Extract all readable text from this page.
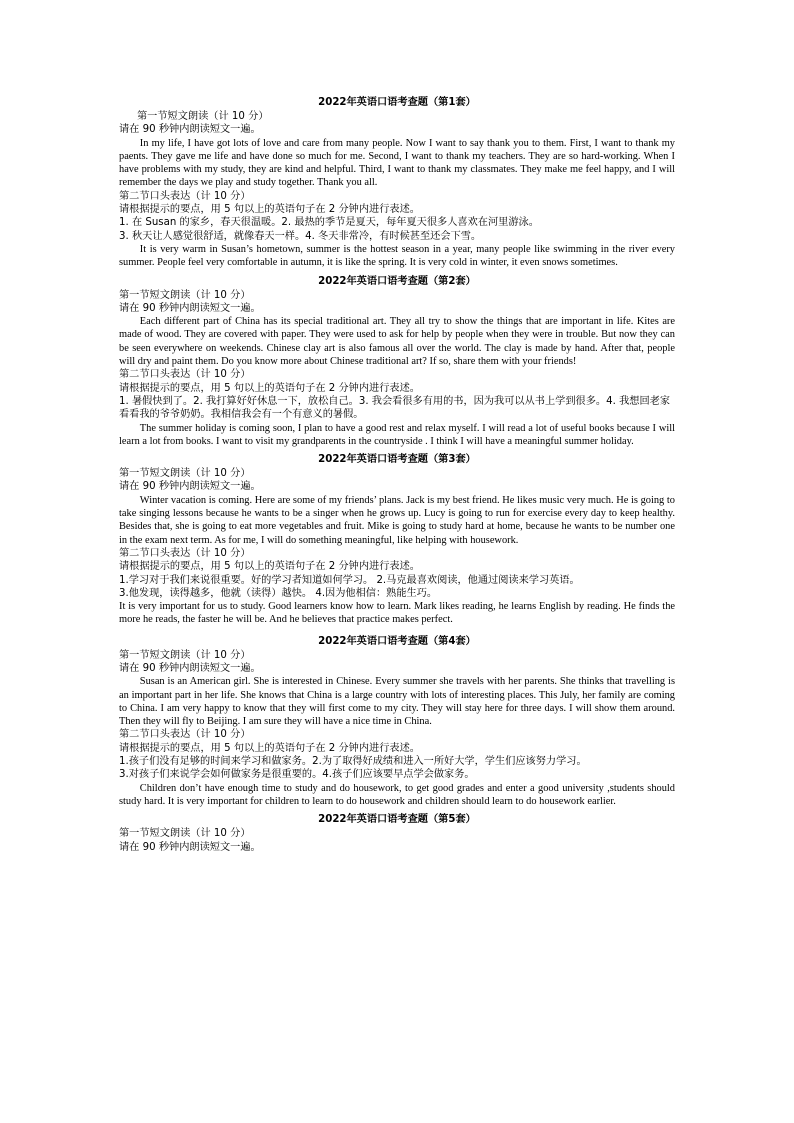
2022年英语口语考查题（第1套）

第一节短文朗读（计 10 分）

请在 90 秒钟内朗读短文一遍。

In my life, I have got lots of love and care from many people. Now I want to say thank you to them. First, I want to thank my paents. They gave me life and have done so much for me. Second, I want to thank my teachers. They are so hard-working. When I have problems with my study, they are kind and helpful. Third, I want to thank my classmates. They make me feel happy, and I will remember the days we play and study together. Thank you all.

第二节口头表达（计 10 分）

请根据提示的要点，用 5 句以上的英语句子在 2 分钟内进行表述。

1. 在 Susan 的家乡，春天很温暖。2. 最热的季节是夏天，每年夏天很多人喜欢在河里游泳。

3. 秋天让人感觉很舒适，就像春天一样。4. 冬天非常冷，有时候甚至还会下雪。

It is very warm in Susan’s hometown, summer is the hottest season in a year, many people like swimming in the river every summer. People feel very comfortable in autumn, it is like the spring. It is very cold in winter, it even snows sometimes.

2022年英语口语考查题（第2套）

第一节短文朗读（计 10 分）

请在 90 秒钟内朗读短文一遍。

Each different part of China has its special traditional art. They all try to show the things that are important in life. Kites are made of wood. They are covered with paper. They were used to ask for help by people when they were in trouble. But now they can be seen everywhere on weekends. Chinese clay art is also famous all over the world. The clay is made by hand. After that, people will dry and paint them. Do you know more about Chinese traditional art? If so, share them with your friends!

第二节口头表达（计 10 分）

请根据提示的要点，用 5 句以上的英语句子在 2 分钟内进行表述。

1. 暑假快到了。2. 我打算好好休息一下，放松自己。3. 我会看很多有用的书，因为我可以从书上学到很多。4. 我想回老家看看我的爷爷奶奶。我相信我会有一个有意义的暑假。

The summer holiday is coming soon, I plan to have a good rest and relax myself. I will read a lot of useful books because I will learn a lot from books. I want to visit my grandparents in the countryside . I think I will have a meaningful summer holiday.

2022年英语口语考查题（第3套）

第一节短文朗读（计 10 分）

请在 90 秒钟内朗读短文一遍。

Winter vacation is coming. Here are some of my friends’ plans. Jack is my best friend. He likes music very much. He is going to take singing lessons because he wants to be a singer when he grows up. Lucy is going to run for exercise every day to keep healthy. Besides that, she is going to eat more vegetables and fruit. Mike is going to study hard at home, because he wants to be number one in the exam next term. As for me, I will do something meaningful, like helping with housework.

第二节口头表达（计 10 分）

请根据提示的要点，用 5 句以上的英语句子在 2 分钟内进行表述。

1.学习对于我们来说很重要。好的学习者知道如何学习。 2.马克最喜欢阅读，他通过阅读来学习英语。

3.他发现，读得越多，他就（读得）越快。 4.因为他相信：熟能生巧。

It is very important for us to study. Good learners know how to learn. Mark likes reading, he learns English by reading. He finds the more he reads, the faster he will be. And he believes that practice makes perfect.

2022年英语口语考查题（第4套）

第一节短文朗读（计 10 分）

请在 90 秒钟内朗读短文一遍。

Susan is an American girl. She is interested in Chinese. Every summer she travels with her parents. She thinks that travelling is an important part in her life. She knows that China is a large country with lots of interesting places. This July, her family are coming to China. I am very happy to know that they will first come to my city. They will stay here for three days. I will show them around. Then they will fly to Beijing. I am sure they will have a nice time in China.

第二节口头表达（计 10 分）

请根据提示的要点，用 5 句以上的英语句子在 2 分钟内进行表述。

1.孩子们没有足够的时间来学习和做家务。2.为了取得好成绩和进入一所好大学，学生们应该努力学习。

3.对孩子们来说学会如何做家务是很重要的。4.孩子们应该要早点学会做家务。

Children don’t have enough time to study and do housework, to get good grades and enter a good university ,students should study hard. It is very important for children to learn to do housework and children should learn to do housework earlier.

2022年英语口语考查题（第5套）

第一节短文朗读（计 10 分）

请在 90 秒钟内朗读短文一遍。
